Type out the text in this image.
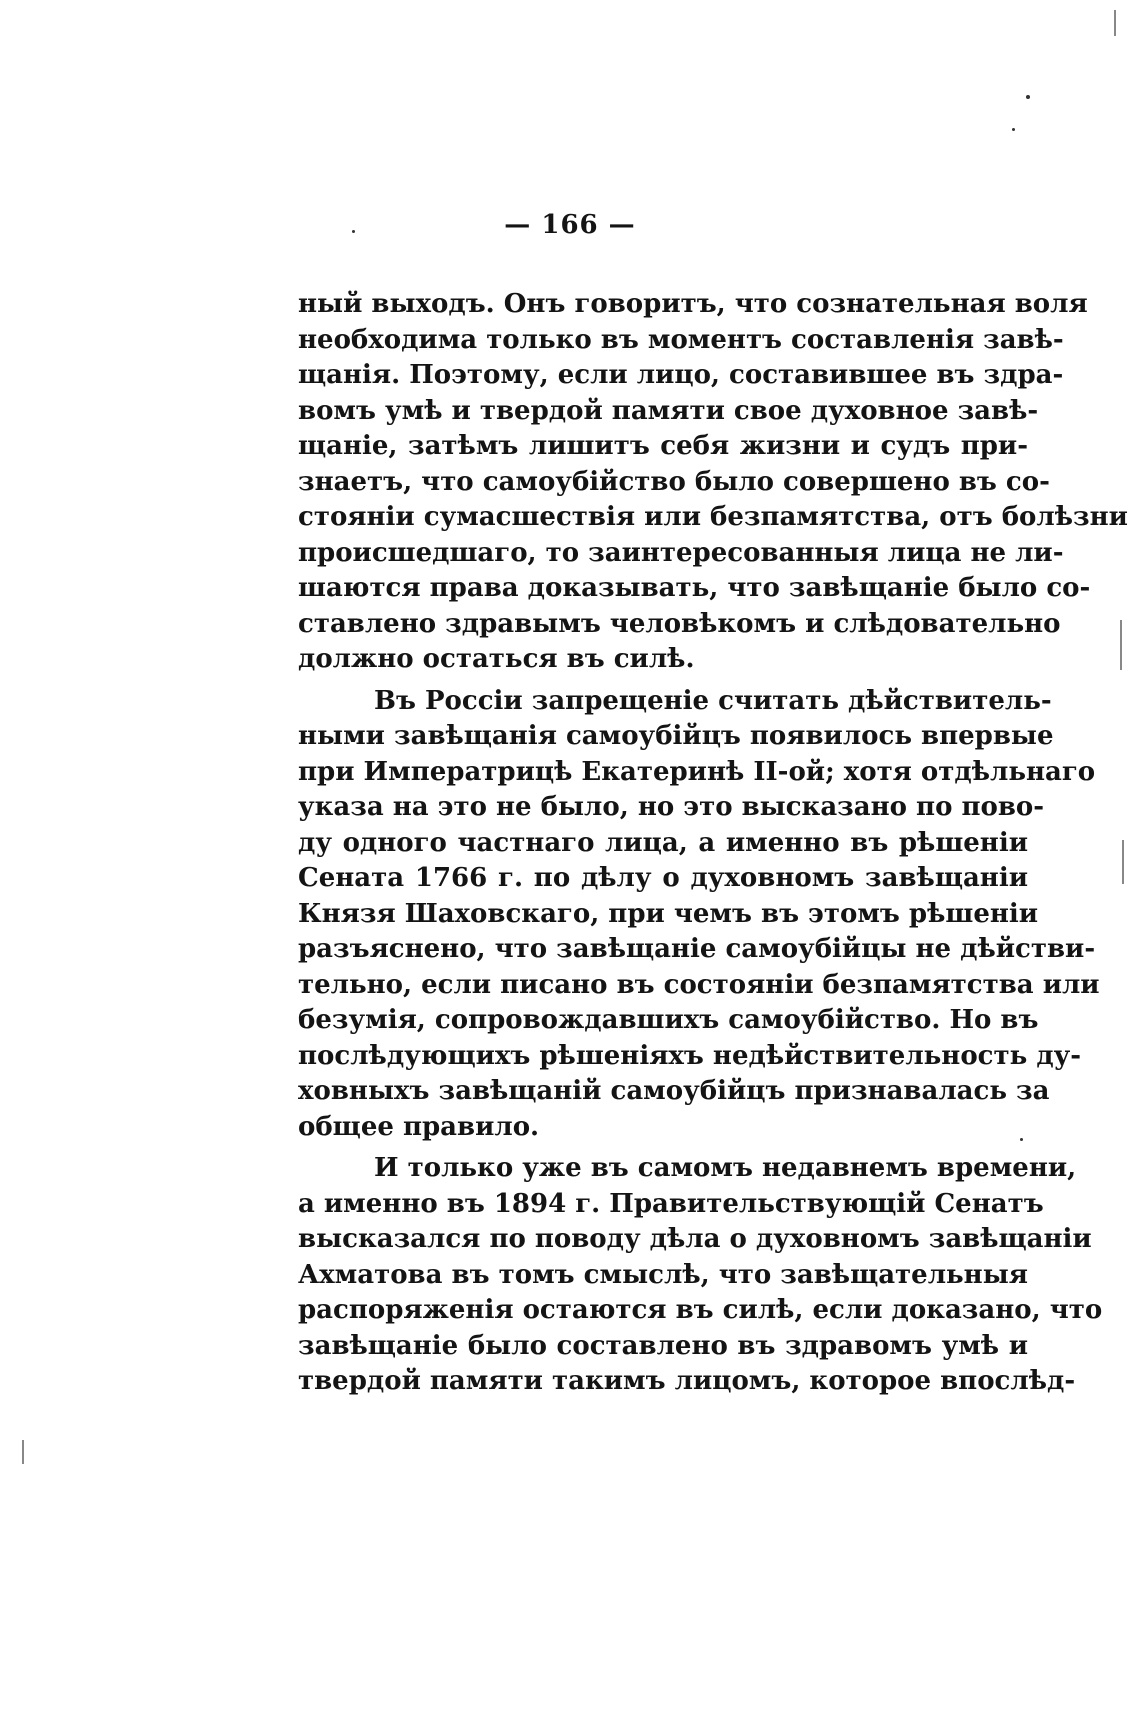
— 166 —
ный выходъ. Онъ говоритъ, что сознательная воля
необходима только въ моментъ составленія завѣ-
щанія. Поэтому, если лицо, составившее въ здра-
вомъ умѣ и твердой памяти свое духовное завѣ-
щаніе, затѣмъ лишитъ себя жизни и судъ при-
знаетъ, что самоубійство было совершено въ со-
стояніи сумасшествія или безпамятства, отъ болѣзни
происшедшаго, то заинтересованныя лица не ли-
шаются права доказывать, что завѣщаніе было со-
ставлено здравымъ человѣкомъ и слѣдовательно
должно остаться въ силѣ.
Въ Россіи запрещеніе считать дѣйствитель-
ными завѣщанія самоубійцъ появилось впервые
при Императрицѣ Екатеринѣ II-ой; хотя отдѣльнаго
указа на это не было, но это высказано по пово-
ду одного частнаго лица, а именно въ рѣшеніи
Сената 1766 г. по дѣлу о духовномъ завѣщаніи
Князя Шаховскаго, при чемъ въ этомъ рѣшеніи
разъяснено, что завѣщаніе самоубійцы не дѣйстви-
тельно, если писано въ состояніи безпамятства или
безумія, сопровождавшихъ самоубійство. Но въ
послѣдующихъ рѣшеніяхъ недѣйствительность ду-
ховныхъ завѣщаній самоубійцъ признавалась за
общее правило.
И только уже въ самомъ недавнемъ времени,
а именно въ 1894 г. Правительствующій Сенатъ
высказался по поводу дѣла о духовномъ завѣщаніи
Ахматова въ томъ смыслѣ, что завѣщательныя
распоряженія остаются въ силѣ, если доказано, что
завѣщаніе было составлено въ здравомъ умѣ и
твердой памяти такимъ лицомъ, которое впослѣд-
